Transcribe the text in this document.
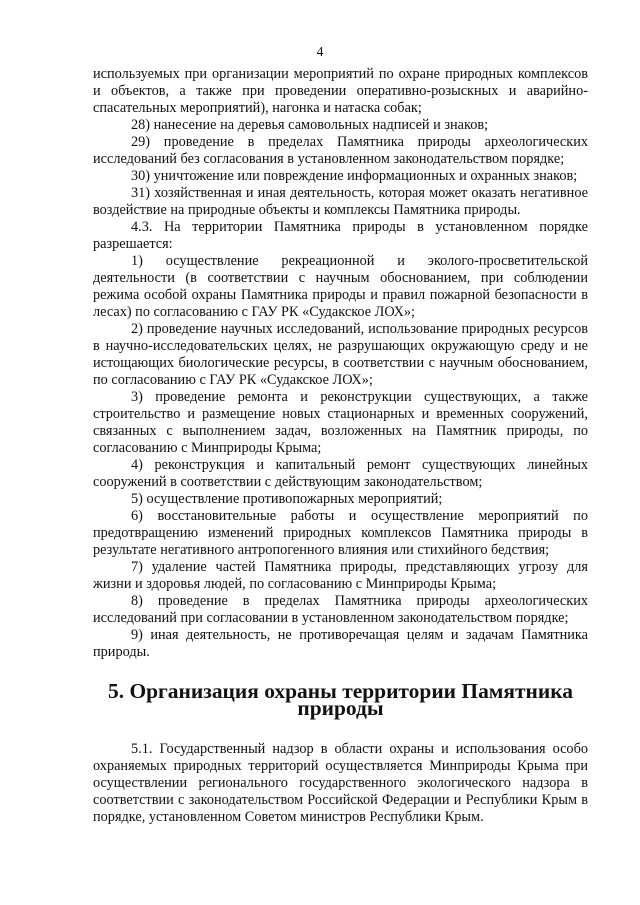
4

используемых при организации мероприятий по охране природных комплексов и объектов, а также при проведении оперативно-розыскных и аварийно-спасательных мероприятий), нагонка и натаска собак;

28) нанесение на деревья самовольных надписей и знаков;

29) проведение в пределах Памятника природы археологических исследований без согласования в установленном законодательством порядке;

30) уничтожение или повреждение информационных и охранных знаков;

31) хозяйственная и иная деятельность, которая может оказать негативное воздействие на природные объекты и комплексы Памятника природы.

4.3. На территории Памятника природы в установленном порядке разрешается:

1) осуществление рекреационной и эколого-просветительской деятельности (в соответствии с научным обоснованием, при соблюдении режима особой охраны Памятника природы и правил пожарной безопасности в лесах) по согласованию с ГАУ РК «Судакское ЛОХ»;

2) проведение научных исследований, использование природных ресурсов в научно-исследовательских целях, не разрушающих окружающую среду и не истощающих биологические ресурсы, в соответствии с научным обоснованием, по согласованию с ГАУ РК «Судакское ЛОХ»;

3) проведение ремонта и реконструкции существующих, а также строительство и размещение новых стационарных и временных сооружений, связанных с выполнением задач, возложенных на Памятник природы, по согласованию с Минприроды Крыма;

4) реконструкция и капитальный ремонт существующих линейных сооружений в соответствии с действующим законодательством;

5) осуществление противопожарных мероприятий;

6) восстановительные работы и осуществление мероприятий по предотвращению изменений природных комплексов Памятника природы в результате негативного антропогенного влияния или стихийного бедствия;

7) удаление частей Памятника природы, представляющих угрозу для жизни и здоровья людей, по согласованию с Минприроды Крыма;

8) проведение в пределах Памятника природы археологических исследований при согласовании в установленном законодательством порядке;

9) иная деятельность, не противоречащая целям и задачам Памятника природы.

5. Организация охраны территории Памятника природы

5.1. Государственный надзор в области охраны и использования особо охраняемых природных территорий осуществляется Минприроды Крыма при осуществлении регионального государственного экологического надзора в соответствии с законодательством Российской Федерации и Республики Крым в порядке, установленном Советом министров Республики Крым.
